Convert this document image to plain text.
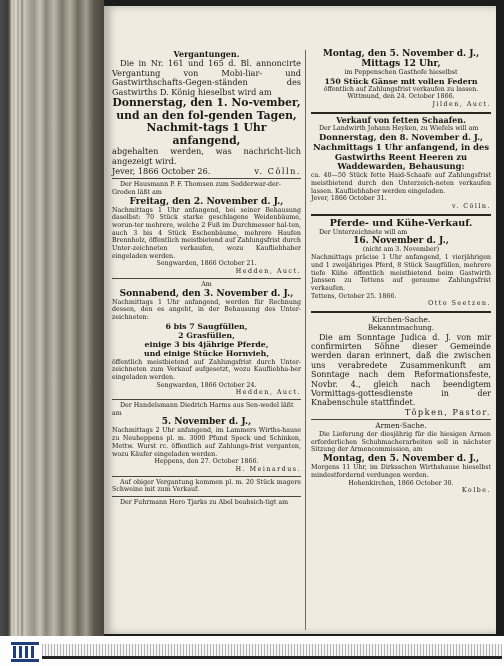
Vergantungen.
Die in Nr. 161 und 165 d. Bl. annoncirte Vergantung von Mobi-liar- und Gastwirthschafts-Gegen-ständen des Gastwirths D. König hieselbst wird am
Donnerstag, den 1. No-vember, und an den fol-genden Tagen, Nachmit-tags 1 Uhr anfangend,
abgehalten werden, was nachricht-lich angezeigt wird.
Jever, 1866 October 26.	v. Cölln.
Der Hausmann P. F. Thomsen zum Sedderwar-der-Groden läßt am
Freitag, den 2. November d. J.,
Nachmittags 1 Uhr anfangend, bei seiner Behausung daselbst: 70 Stück starke geschlagene Weidenbäume, worun-ter mehrere, welche 2 Fuß im Durchmesser hal-ten, auch 3 bis 4 Stück Eschenbäume, mehrere Haufen Brennholz, öffentlich meistbietend auf Zahlungsfrist durch Unter-zeichneten verkaufen, wozu Kaufliebhaber eingeladen werden.
Sengwarden, 1866 October 21.
Hedden, Auct.
Am
Sonnabend, den 3. November d. J.,
Nachmittags 1 Uhr anfangend, werden für Rechnung dessen, den es angeht, in der Behausung des Unter-zeichneten:
6 bis 7 Saugfüllen,
2 Grasfüllen,
einige 3 bis 4jährige Pferde,
und einige Stücke Hornvieh,
öffentlich meistbietend auf Zahlungsfrist durch Unter-zeichneten zum Verkauf aufgesetzt, wozu Kaufliebha-ber eingeladen werden.
Sengwarden, 1866 October 24.
Hedden, Auct.
Der Handelsmann Diedrich Harms aus Sen-wedel läßt am
5. November d. J.,
Nachmittags 2 Uhr anfangend, im Lammers Wirths-hause zu Neuheppens pl. m. 3000 Pfund Speck und Schinken, Mettw. Wurst rc. öffentlich auf Zahlungs-frist verganten, wozu Käufer eingeladen werden.
Heppens, den 27. October 1866.
H. Meinardus.
Auf obiger Vergantung kommen pl. m. 20 Stück magere Schweine mit zum Verkauf.
Der Fuhrmann Hero Tjarks zu Abel beabsich-tigt am
Montag, den 5. November d. J., Mittags 12 Uhr,
im Peppenschen Gasthofe hieselbst
150 Stück Gänse mit vollen Federn
öffentlich auf Zahlungsfrist verkaufen zu lassen.
Wittmund, den 24. October 1866.
Jilden, Auct.
Verkauf von fetten Schaafen.
Der Landwirth Johann Heyken, zu Wiefels will am
Donnerstag, den 8. November d. J., Nachmittags 1 Uhr anfangend, in des Gastwirths Reent Heeren zu Waddewarden, Behausung:
ca. 40—50 Stück fette Haid-Schaafe auf Zahlungsfrist meistbietend durch den Unterzeich-neten verkaufen lassen. Kaufliebhaber werden eingeladen.
Jever, 1866 October 31.
v. Cölln.
Pferde- und Kühe-Verkauf.
Der Unterzeichnete will am
16. November d. J.,
(nicht am 3. November)
Nachmittags präcise 1 Uhr anfangend, 1 vierjährigen und 1 zweijähriges Pferd, 8 Stück Saugfüllen, mehrere tiefe Kühe öffentlich meistbietend beim Gastwirth Janssen zu Tettens auf geraume Zahlungsfrist verkaufen.
Tettens, October 25. 1866.
Otto Seetzen.
Kirchen-Sache.
Bekanntmachung.
Die am Sonntage Judica d. J. von mir confirmirten Söhne dieser Gemeinde werden daran erinnert, daß die zwischen uns verabredete Zusammenkunft am Sonntage nach dem Reformationsfeste, Novbr. 4., gleich nach beendigtem Vormittags-gottesdienste in der Knabenschule stattfindet.
Töpken, Pastor.
Armen-Sache.
Die Lieferung der diesjährig für die hiesigen Armen erforderlichen Schuhmacherarbeiten soll in nächster Sitzung der Armencommission, am
Montag, den 5. November d. J.,
Morgens 11 Uhr, im Dirksschen Wirthshause hieselbst mindestfordernd verdungen werden.
Hohenkirchen, 1866 October 30.
Kolbe.
